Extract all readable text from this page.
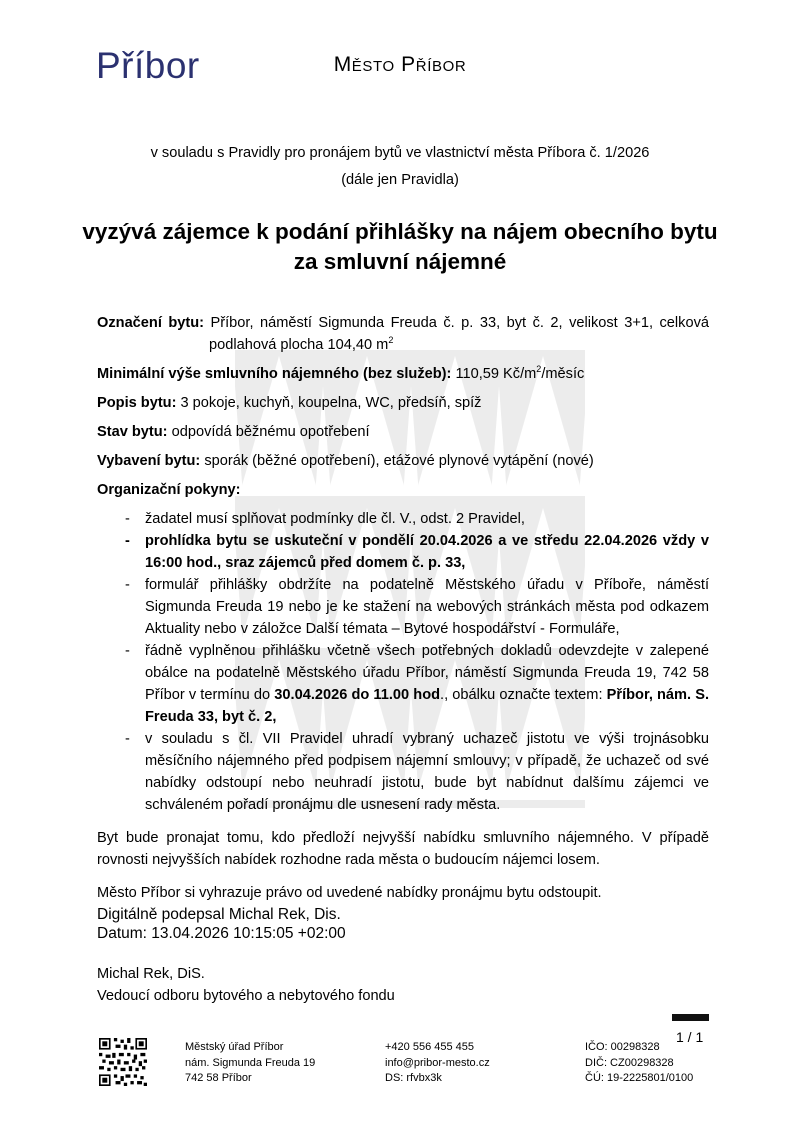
Příbor	Město Příbor
v souladu s Pravidly pro pronájem bytů ve vlastnictví města Příbora č. 1/2026
(dále jen Pravidla)
vyzývá zájemce k podání přihlášky na nájem obecního bytu za smluvní nájemné

Označení bytu: Příbor, náměstí Sigmunda Freuda č. p. 33, byt č. 2, velikost 3+1, celková podlahová plocha 104,40 $m^2$

Minimální výše smluvního nájemného (bez služeb): 110,59 $Kč/m^2$/měsíc

Popis bytu: 3 pokoje, kuchyň, koupelna, WC, předsíň, spíž

Stav bytu: odpovídá běžnému opotřebení

Vybavení bytu: sporák (běžné opotřebení), etážové plynové vytápění (nové)

Organizační pokyny:

- žadatel musí splňovat podmínky dle čl. V., odst. 2 Pravidel,
- prohlídka bytu se uskuteční v pondělí 20.04.2026 a ve středu 22.04.2026 vždy v 16:00 hod., sraz zájemců před domem č. p. 33,
- formulář přihlášky obdržíte na podatelně Městského úřadu v Příboře, náměstí Sigmunda Freuda 19 nebo je ke stažení na webových stránkách města pod odkazem Aktuality nebo v záložce Další témata – Bytové hospodářství - Formuláře,
- řádně vyplněnou přihlášku včetně všech potřebných dokladů odevzdejte v zalepené obálce na podatelně Městského úřadu Příbor, náměstí Sigmunda Freuda 19, 742 58 Příbor v termínu do 30.04.2026 do 11.00 hod., obálku označte textem: Příbor, nám. S. Freuda 33, byt č. 2,
- v souladu s čl. VII Pravidel uhradí vybraný uchazeč jistotu ve výši trojnásobku měsíčního nájemného před podpisem nájemní smlouvy; v případě, že uchazeč od své nabídky odstoupí nebo neuhradí jistotu, bude byt nabídnut dalšímu zájemci ve schváleném pořadí pronájmu dle usnesení rady města.

Byt bude pronajat tomu, kdo předloží nejvyšší nabídku smluvního nájemného. V případě rovnosti nejvyšších nabídek rozhodne rada města o budoucím nájemci losem.

Město Příbor si vyhrazuje právo od uvedené nabídky pronájmu bytu odstoupit.

Digitálně podepsal Michal Rek, Dis.
Datum: 13.04.2026 10:15:05 +02:00
Michal Rek, DiS.
Vedoucí odboru bytového a nebytového fondu
1 / 1
Městský úřad Příbor
nám. Sigmunda Freuda 19
742 58 Příbor
+420 556 455 455
info@pribor-mesto.cz
DS: rfvbx3k
IČO: 00298328
DIČ: CZ00298328
ČÚ: 19-2225801/0100
